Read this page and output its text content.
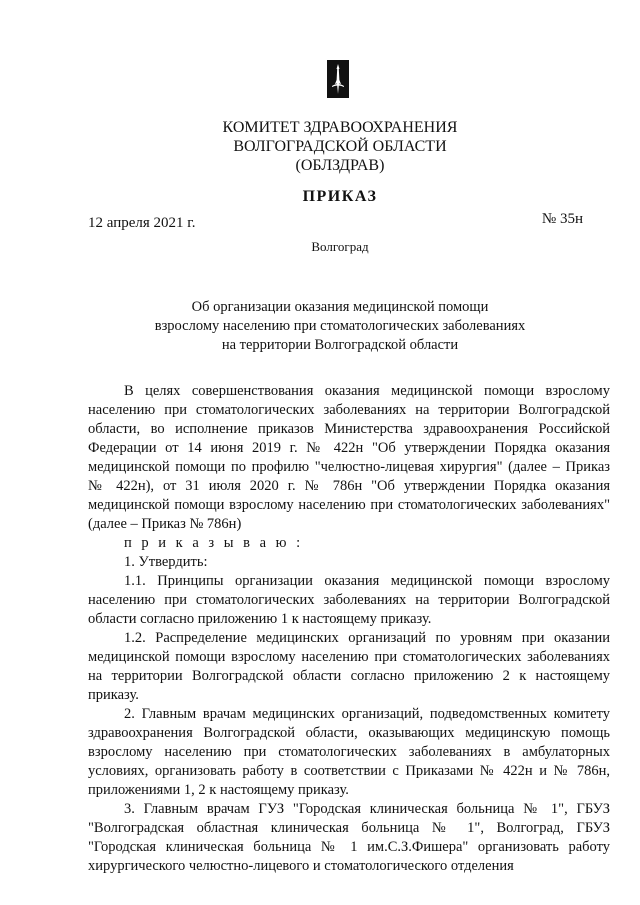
КОМИТЕТ ЗДРАВООХРАНЕНИЯ
ВОЛГОГРАДСКОЙ ОБЛАСТИ
(ОБЛЗДРАВ)
ПРИКАЗ
12 апреля 2021 г.	№ 35н
Волгоград
Об организации оказания медицинской помощи
взрослому населению при стоматологических заболеваниях
на территории Волгоградской области

В целях совершенствования оказания медицинской помощи взрослому населению при стоматологических заболеваниях на территории Волгоградской области, во исполнение приказов Министерства здравоохранения Российской Федерации от 14 июня 2019 г. № 422н "Об утверждении Порядка оказания медицинской помощи по профилю "челюстно-лицевая хирургия" (далее – Приказ № 422н), от 31 июля 2020 г. № 786н "Об утверждении Порядка оказания медицинской помощи взрослому населению при стоматологических заболеваниях" (далее – Приказ № 786н)

п р и к а з ы в а ю :

1. Утвердить:

1.1. Принципы организации оказания медицинской помощи взрослому населению при стоматологических заболеваниях на территории Волгоградской области согласно приложению 1 к настоящему приказу.

1.2. Распределение медицинских организаций по уровням при оказании медицинской помощи взрослому населению при стоматологических заболеваниях на территории Волгоградской области согласно приложению 2 к настоящему приказу.

2. Главным врачам медицинских организаций, подведомственных комитету здравоохранения Волгоградской области, оказывающих медицинскую помощь взрослому населению при стоматологических заболеваниях в амбулаторных условиях, организовать работу в соответствии с Приказами № 422н и № 786н, приложениями 1, 2 к настоящему приказу.

3. Главным врачам ГУЗ "Городская клиническая больница № 1", ГБУЗ "Волгоградская областная клиническая больница № 1", Волгоград, ГБУЗ "Городская клиническая больница № 1 им.С.З.Фишера" организовать работу хирургического челюстно-лицевого и стоматологического отделения
